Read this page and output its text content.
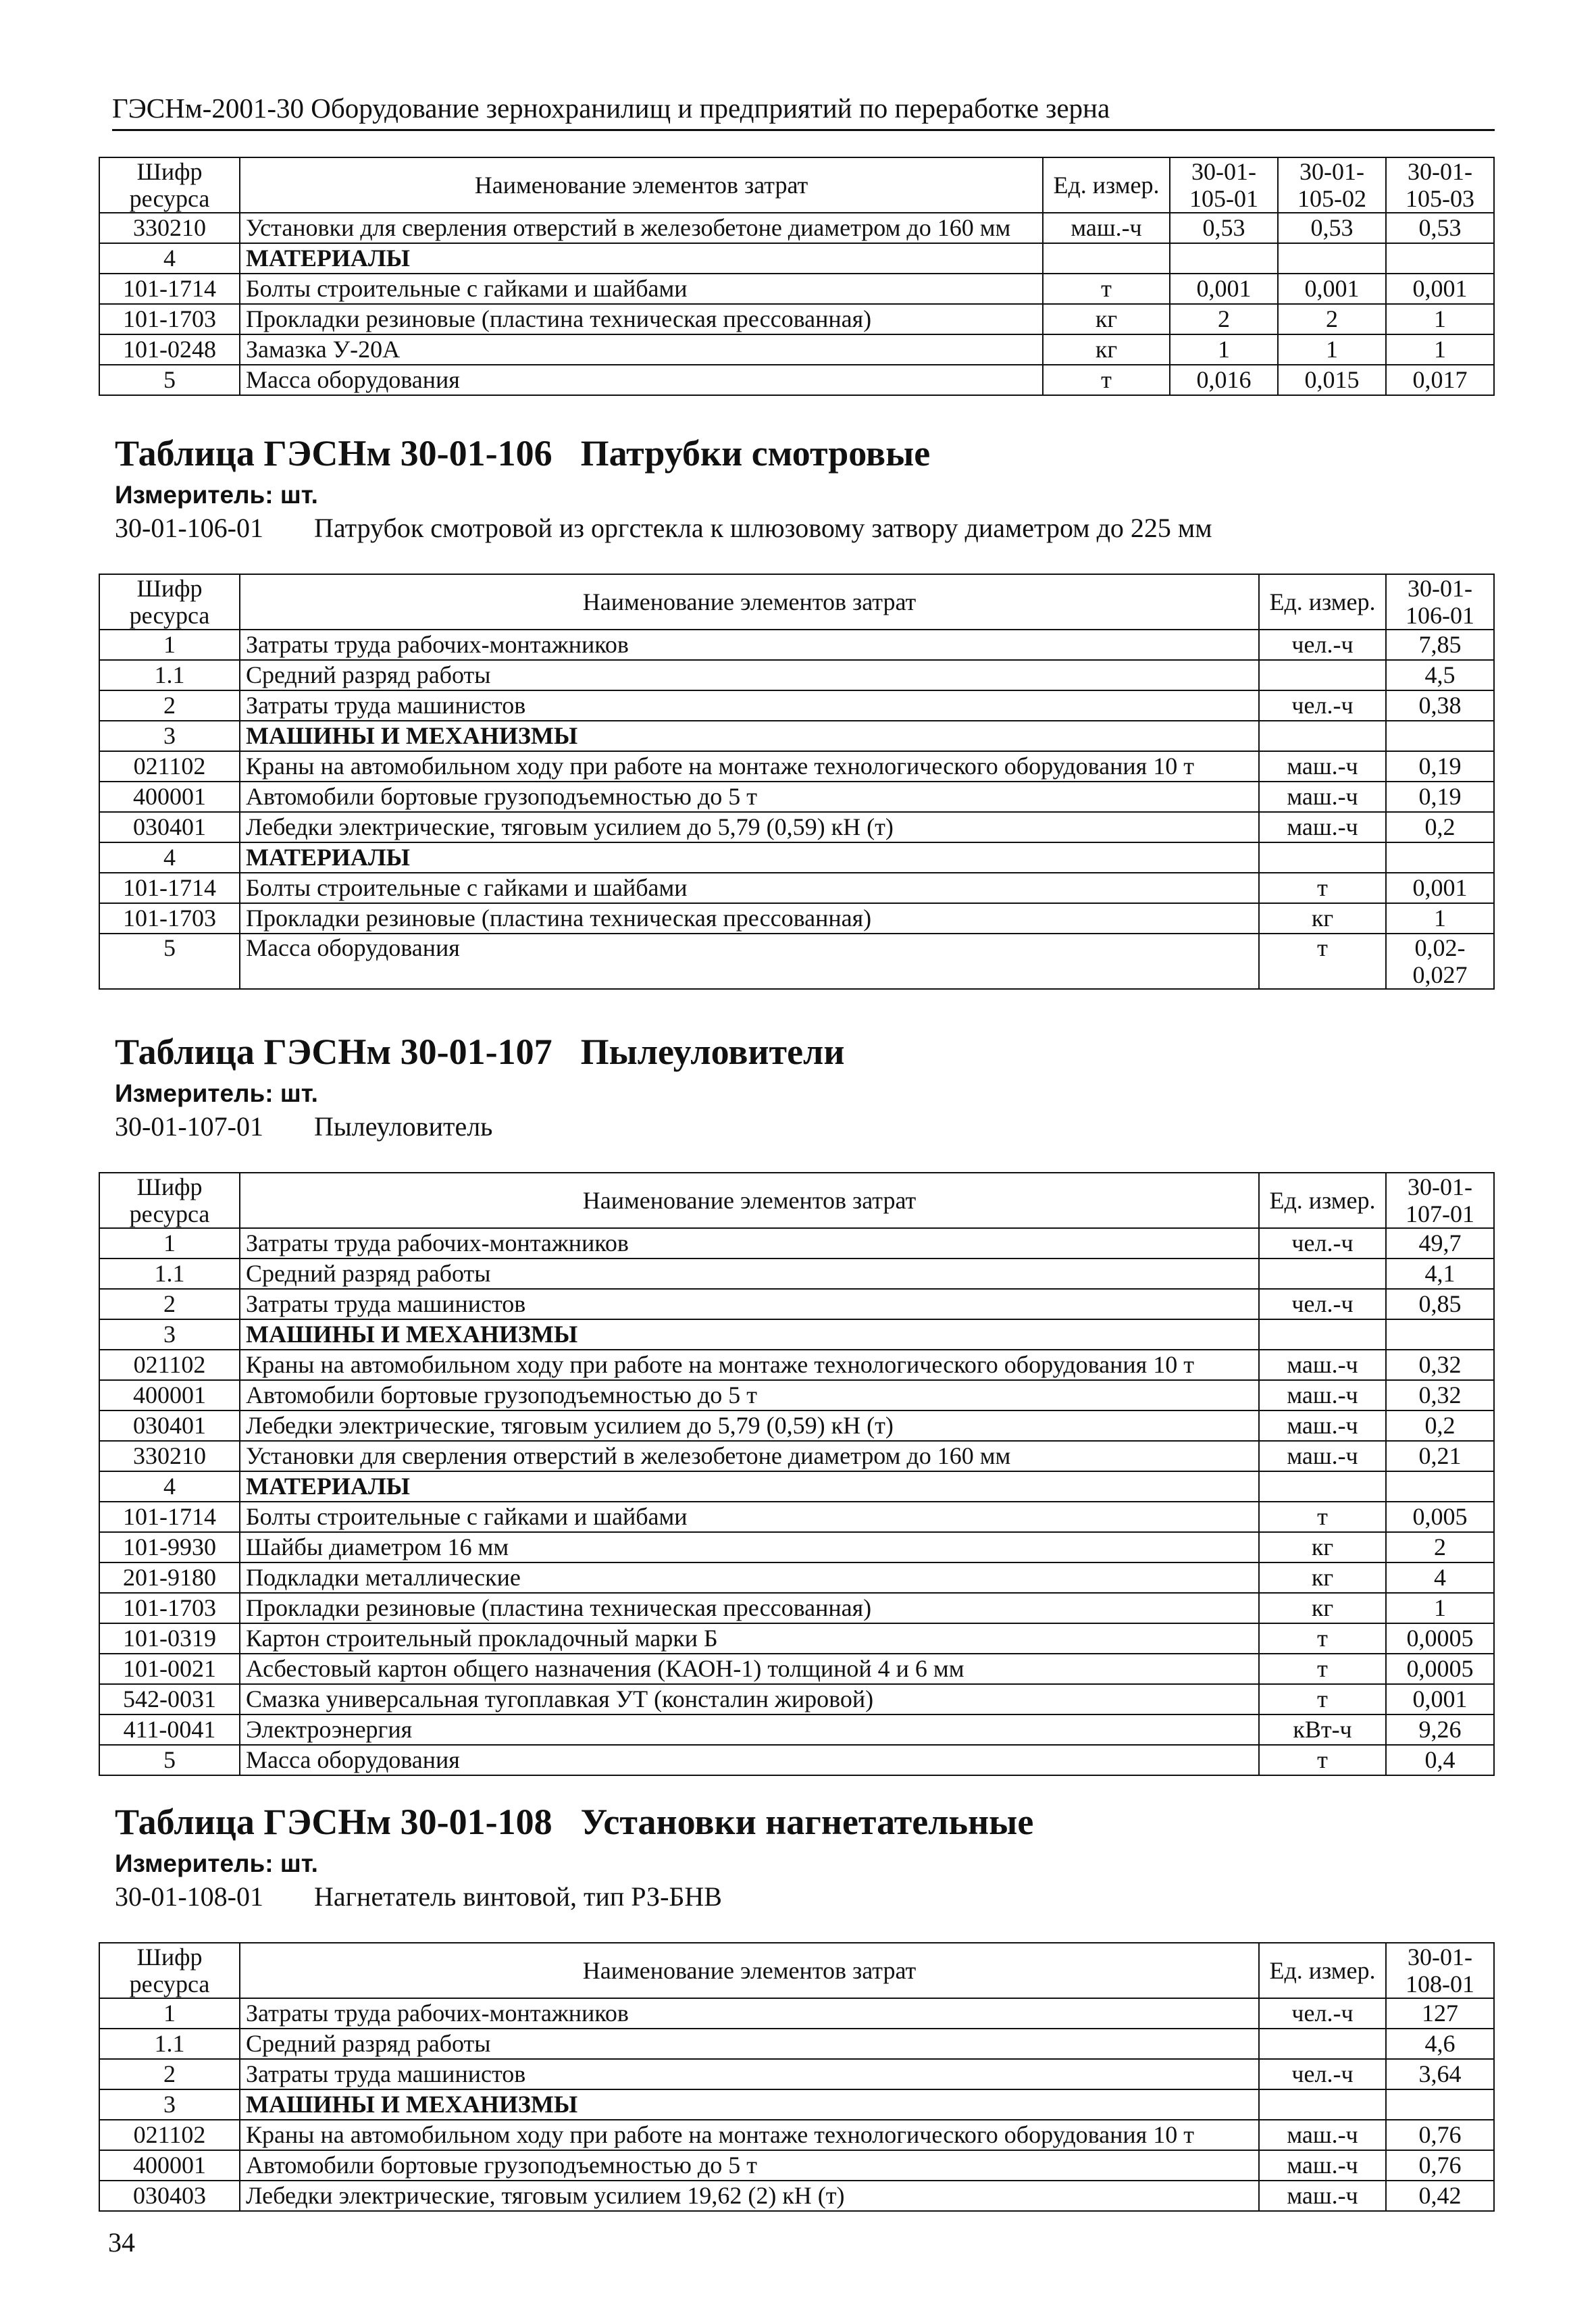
ГЭСНм-2001-30 Оборудование зернохранилищ и предприятий по переработке зерна
Шифр ресурса	Наименование элементов затрат	Ед. измер.	30-01-105-01	30-01-105-02	30-01-105-03
330210	Установки для сверления отверстий в железобетоне диаметром до 160 мм	маш.-ч	0,53	0,53	0,53
4	МАТЕРИАЛЫ				
101-1714	Болты строительные с гайками и шайбами	т	0,001	0,001	0,001
101-1703	Прокладки резиновые (пластина техническая прессованная)	кг	2	2	1
101-0248	Замазка У-20А	кг	1	1	1
5	Масса оборудования	т	0,016	0,015	0,017
Таблица ГЭСНм 30-01-106 Патрубки смотровые
Измеритель: шт.
30-01-106-01 Патрубок смотровой из оргстекла к шлюзовому затвору диаметром до 225 мм
Шифр ресурса	Наименование элементов затрат	Ед. измер.	30-01-106-01
1	Затраты труда рабочих-монтажников	чел.-ч	7,85
1.1	Средний разряд работы		4,5
2	Затраты труда машинистов	чел.-ч	0,38
3	МАШИНЫ И МЕХАНИЗМЫ		
021102	Краны на автомобильном ходу при работе на монтаже технологического оборудования 10 т	маш.-ч	0,19
400001	Автомобили бортовые грузоподъемностью до 5 т	маш.-ч	0,19
030401	Лебедки электрические, тяговым усилием до 5,79 (0,59) кН (т)	маш.-ч	0,2
4	МАТЕРИАЛЫ		
101-1714	Болты строительные с гайками и шайбами	т	0,001
101-1703	Прокладки резиновые (пластина техническая прессованная)	кг	1
5	Масса оборудования	т	0,02-
0,027
Таблица ГЭСНм 30-01-107 Пылеуловители
Измеритель: шт.
30-01-107-01 Пылеуловитель
Шифр ресурса	Наименование элементов затрат	Ед. измер.	30-01-107-01
1	Затраты труда рабочих-монтажников	чел.-ч	49,7
1.1	Средний разряд работы		4,1
2	Затраты труда машинистов	чел.-ч	0,85
3	МАШИНЫ И МЕХАНИЗМЫ		
021102	Краны на автомобильном ходу при работе на монтаже технологического оборудования 10 т	маш.-ч	0,32
400001	Автомобили бортовые грузоподъемностью до 5 т	маш.-ч	0,32
030401	Лебедки электрические, тяговым усилием до 5,79 (0,59) кН (т)	маш.-ч	0,2
330210	Установки для сверления отверстий в железобетоне диаметром до 160 мм	маш.-ч	0,21
4	МАТЕРИАЛЫ		
101-1714	Болты строительные с гайками и шайбами	т	0,005
101-9930	Шайбы диаметром 16 мм	кг	2
201-9180	Подкладки металлические	кг	4
101-1703	Прокладки резиновые (пластина техническая прессованная)	кг	1
101-0319	Картон строительный прокладочный марки Б	т	0,0005
101-0021	Асбестовый картон общего назначения (КАОН-1) толщиной 4 и 6 мм	т	0,0005
542-0031	Смазка универсальная тугоплавкая УТ (консталин жировой)	т	0,001
411-0041	Электроэнергия	кВт-ч	9,26
5	Масса оборудования	т	0,4
Таблица ГЭСНм 30-01-108 Установки нагнетательные
Измеритель: шт.
30-01-108-01 Нагнетатель винтовой, тип РЗ-БНВ
Шифр ресурса	Наименование элементов затрат	Ед. измер.	30-01-108-01
1	Затраты труда рабочих-монтажников	чел.-ч	127
1.1	Средний разряд работы		4,6
2	Затраты труда машинистов	чел.-ч	3,64
3	МАШИНЫ И МЕХАНИЗМЫ		
021102	Краны на автомобильном ходу при работе на монтаже технологического оборудования 10 т	маш.-ч	0,76
400001	Автомобили бортовые грузоподъемностью до 5 т	маш.-ч	0,76
030403	Лебедки электрические, тяговым усилием 19,62 (2) кН (т)	маш.-ч	0,42
34
